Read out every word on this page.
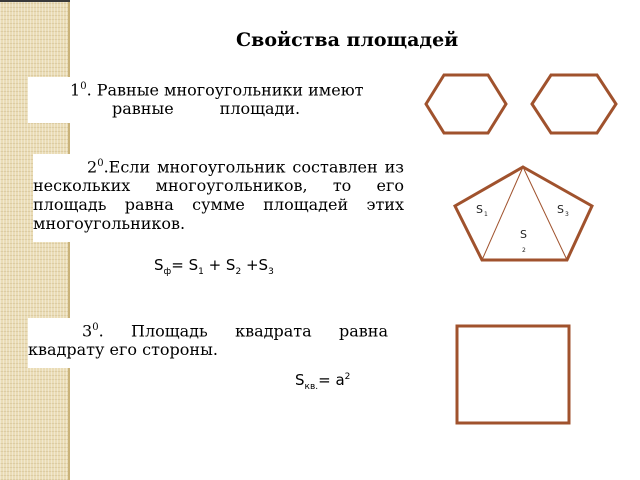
Свойства площадей
$1^0$. Равные многоугольники имеют
равные	площади.
$2^0.Если$ многоугольник составлен из нескольких многоугольников, то его площадь равна сумме площадей этих многоугольников.
$S_ф= S_1 + S_2 +S_3$
$3^0$. Площадь квадрата равна квадрату его стороны.
$S_{кв.}= a^2$
S 1	S 3
S
2
